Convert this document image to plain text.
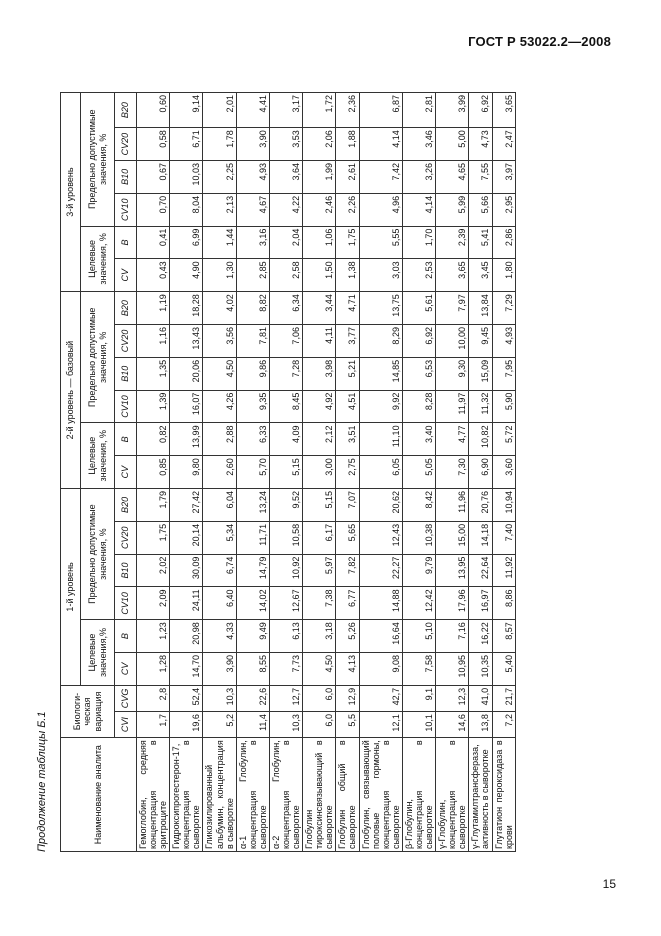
ГОСТ Р 53022.2—2008
Продолжение таблицы Б.1	Наименование аналита	Биологи-ческая вариация		1-й уровень						2-й уровень — базовый						3-й уровень					
			Целевые значения,%		Предельно допустимые значения, %				Целевые значения, %		Предельно допустимые значения, %				Целевые значения, %		Предельно допустимые значения, %			

	CVI	CVG	CV	B	CV10	B10	CV20	B20	CV	B	CV10	B10	CV20	B20	CV	B	CV10	B10	CV20	B20
Гемоглобин, средняя концентрация в эритроците	1,7	2,8	1,28	1,23	2,09	2,02	1,75	1,79	0,85	0,82	1,39	1,35	1,16	1,19	0,43	0,41	0,70	0,67	0,58	0,60
Гидроксипрогестерон-17, концентрация в сыворотке	19,6	52,4	14,70	20,98	24,11	30,09	20,14	27,42	9,80	13,99	16,07	20,06	13,43	18,28	4,90	6,99	8,04	10,03	6,71	9,14
Гликозилированный альбумин, концентрация в сыворотке	5,2	10,3	3,90	4,33	6,40	6,74	5,34	6,04	2,60	2,88	4,26	4,50	3,56	4,02	1,30	1,44	2,13	2,25	1,78	2,01
α-1 Глобулин, концентрация в сыворотке	11,4	22,6	8,55	9,49	14,02	14,79	11,71	13,24	5,70	6,33	9,35	9,86	7,81	8,82	2,85	3,16	4,67	4,93	3,90	4,41
α-2 Глобулин, концентрация в сыворотке	10,3	12,7	7,73	6,13	12,67	10,92	10,58	9,52	5,15	4,09	8,45	7,28	7,06	6,34	2,58	2,04	4,22	3,64	3,53	3,17
Глобулин тироксинсвязывающий в сыворотке	6,0	6,0	4,50	3,18	7,38	5,97	6,17	5,15	3,00	2,12	4,92	3,98	4,11	3,44	1,50	1,06	2,46	1,99	2,06	1,72
Глобулин общий в сыворотке	5,5	12,9	4,13	5,26	6,77	7,82	5,65	7,07	2,75	3,51	4,51	5,21	3,77	4,71	1,38	1,75	2,26	2,61	1,88	2,36
Глобулин, связывающий половые гормоны, концентрация в сыворотке	12,1	42,7	9,08	16,64	14,88	22,27	12,43	20,62	6,05	11,10	9,92	14,85	8,29	13,75	3,03	5,55	4,96	7,42	4,14	6,87
β-Глобулин, концентрация в сыворотке	10,1	9,1	7,58	5,10	12,42	9,79	10,38	8,42	5,05	3,40	8,28	6,53	6,92	5,61	2,53	1,70	4,14	3,26	3,46	2,81
γ-Глобулин, концентрация в сыворотке	14,6	12,3	10,95	7,16	17,96	13,95	15,00	11,96	7,30	4,77	11,97	9,30	10,00	7,97	3,65	2,39	5,99	4,65	5,00	3,99
γ-Глутамилтрансфераза, активность в сыворотке	13,8	41,0	10,35	16,22	16,97	22,64	14,18	20,76	6,90	10,82	11,32	15,09	9,45	13,84	3,45	5,41	5,66	7,55	4,73	6,92
Глутатион пероксидаза в крови	7,2	21,7	5,40	8,57	8,86	11,92	7,40	10,94	3,60	5,72	5,90	7,95	4,93	7,29	1,80	2,86	2,95	3,97	2,47	3,65
15
